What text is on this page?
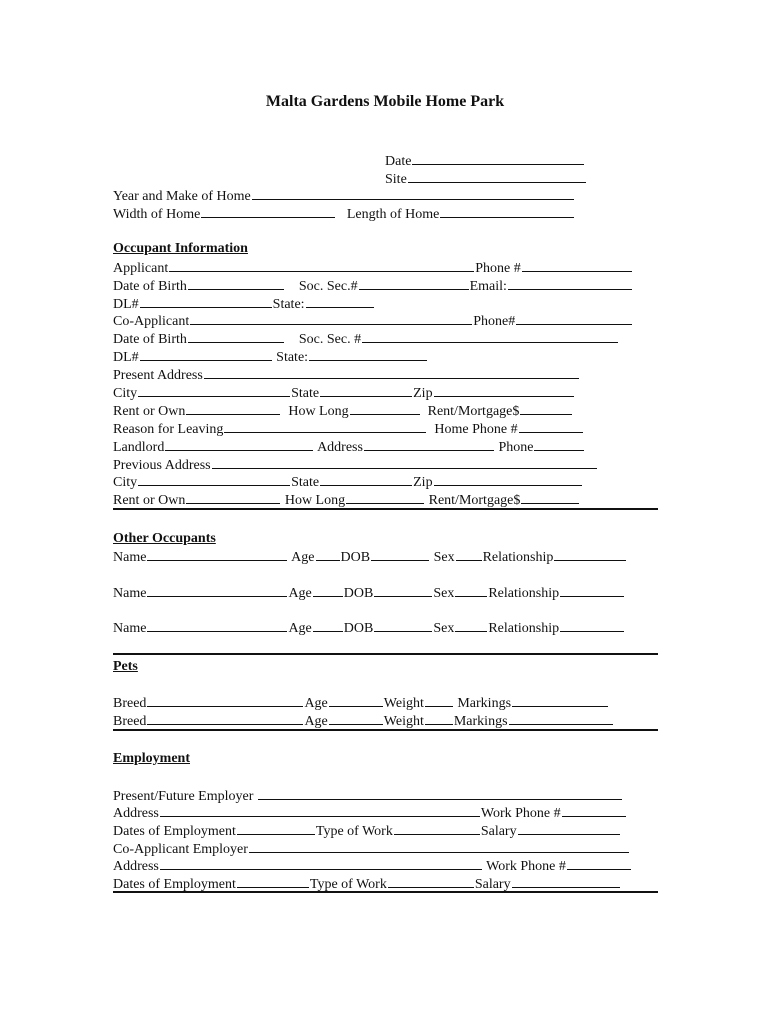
Malta Gardens Mobile Home Park
Date
Site
Year and Make of Home
Width of Home	Length of Home
Occupant Information
Applicant	Phone #
Date of Birth	Soc. Sec.#	Email:
DL#	State:
Co-Applicant	Phone#
Date of Birth	Soc. Sec. #
DL#	State:
Present Address
City	State	Zip
Rent or Own	How Long	Rent/Mortgage$
Reason for Leaving	Home Phone #
Landlord	Address	Phone
Previous Address
City	State	Zip
Rent or Own	How Long	Rent/Mortgage$
Other Occupants
Name	Age DOB	Sex Relationship
Name	Age DOB	Sex Relationship
Name	Age DOB	Sex Relationship
Pets
Breed	Age	Weight Markings
Breed	Age	Weight Markings
Employment
Present/Future Employer
Address	Work Phone #
Dates of Employment	Type of Work	Salary
Co-Applicant Employer
Address	Work Phone #
Dates of Employment	Type of Work	Salary
